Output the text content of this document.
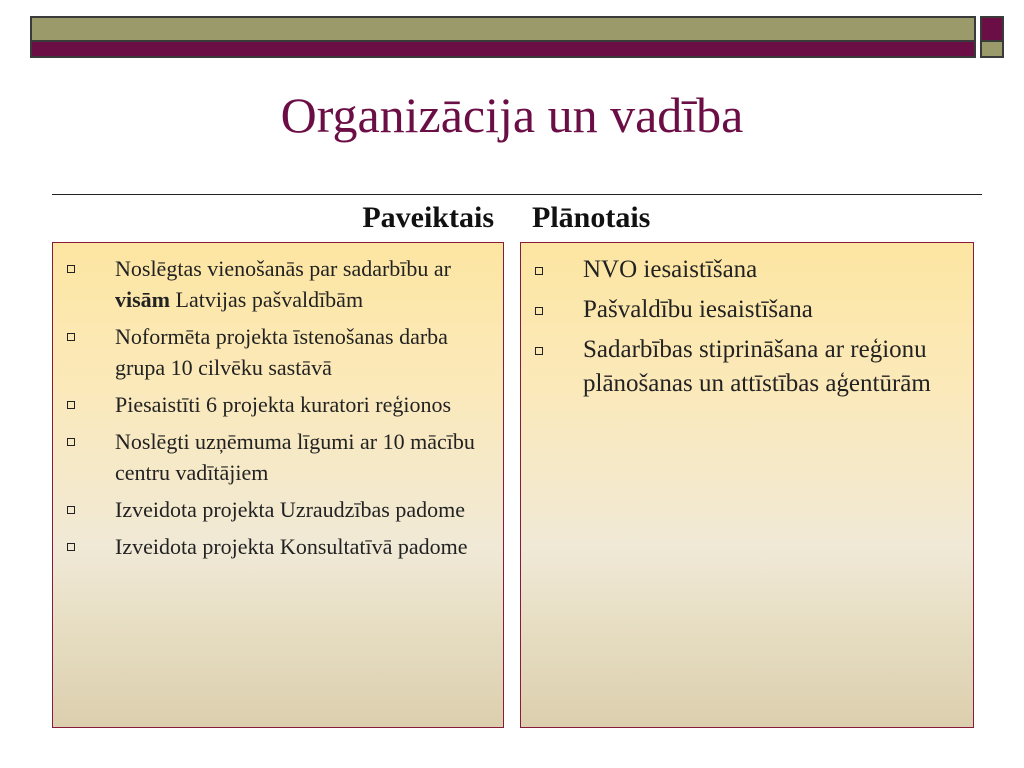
Organizācija un vadība
Paveiktais Plānotais
Noslēgtas vienošanās par sadarbību ar visām Latvijas pašvaldībām
Noformēta projekta īstenošanas darba grupa 10 cilvēku sastāvā
Piesaistīti 6 projekta kuratori reģionos
Noslēgti uzņēmuma līgumi ar 10 mācību centru vadītājiem
Izveidota projekta Uzraudzības padome
Izveidota projekta Konsultatīvā padome
NVO iesaistīšana
Pašvaldību iesaistīšana
Sadarbības stiprināšana ar reģionu plānošanas un attīstības aģentūrām
